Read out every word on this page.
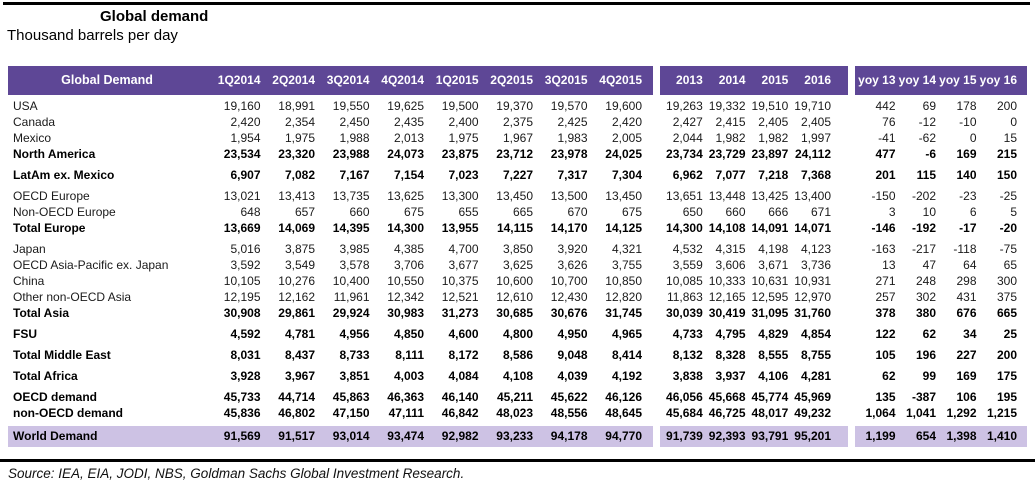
Global demand
Thousand barrels per day
Global Demand	1Q2014 2Q2014 3Q2014 4Q2014 1Q2015 2Q2015 3Q2015 4Q2015	2013	2014	2015	2016 yoy 13 yoy 14 yoy 15 yoy 16
USA	19,160	18,991	19,550	19,625	19,500	19,370	19,570	19,600	19,263 19,332 19,510 19,710	442	69	178	200
Canada	2,420	2,354	2,450	2,435	2,400	2,375	2,425	2,420	2,427	2,415	2,405	2,405	76	-12	-10	0
Mexico	1,954	1,975	1,988	2,013	1,975	1,967	1,983	2,005	2,044	1,982	1,982	1,997	-41	-62	0	15
North America	23,534	23,320	23,988	24,073	23,875	23,712	23,978	24,025	23,734 23,729 23,897 24,112	477	-6	169	215
LatAm ex. Mexico	6,907	7,082	7,167	7,154	7,023	7,227	7,317	7,304	6,962	7,077	7,218	7,368	201	115	140	150
OECD Europe	13,021	13,413	13,735	13,625	13,300	13,450	13,500	13,450	13,651 13,448 13,425 13,400	-150	-202	-23	-25
Non-OECD Europe	648	657	660	675	655	665	670	675	650	660	666	671	3	10	6	5
Total Europe	13,669	14,069	14,395	14,300	13,955	14,115	14,170	14,125	14,300 14,108 14,091 14,071	-146	-192	-17	-20
Japan	5,016	3,875	3,985	4,385	4,700	3,850	3,920	4,321	4,532	4,315	4,198	4,123	-163	-217	-118	-75
OECD Asia-Pacific ex. Japan	3,592	3,549	3,578	3,706	3,677	3,625	3,626	3,755	3,559	3,606	3,671	3,736	13	47	64	65
China	10,105	10,276	10,400	10,550	10,375	10,600	10,700	10,850	10,085 10,333 10,631 10,931	271	248	298	300
Other non-OECD Asia	12,195	12,162	11,961	12,342	12,521	12,610	12,430	12,820	11,863 12,165 12,595 12,970	257	302	431	375
Total Asia	30,908	29,861	29,924	30,983	31,273	30,685	30,676	31,745	30,039 30,419 31,095 31,760	378	380	676	665
FSU	4,592	4,781	4,956	4,850	4,600	4,800	4,950	4,965	4,733	4,795	4,829	4,854	122	62	34	25
Total Middle East	8,031	8,437	8,733	8,111	8,172	8,586	9,048	8,414	8,132	8,328	8,555	8,755	105	196	227	200
Total Africa	3,928	3,967	3,851	4,003	4,084	4,108	4,039	4,192	3,838	3,937	4,106	4,281	62	99	169	175
OECD demand	45,733	44,714	45,863	46,363	46,140	45,211	45,622	46,126	46,056 45,668 45,774 45,969	135	-387	106	195
non-OECD demand	45,836	46,802	47,150	47,111	46,842	48,023	48,556	48,645	45,684 46,725 48,017 49,232	1,064 1,041 1,292 1,215
World Demand	91,569	91,517	93,014	93,474	92,982	93,233	94,178	94,770	91,739 92,393 93,791 95,201	1,199	654 1,398 1,410
Source: IEA, EIA, JODI, NBS, Goldman Sachs Global Investment Research.
